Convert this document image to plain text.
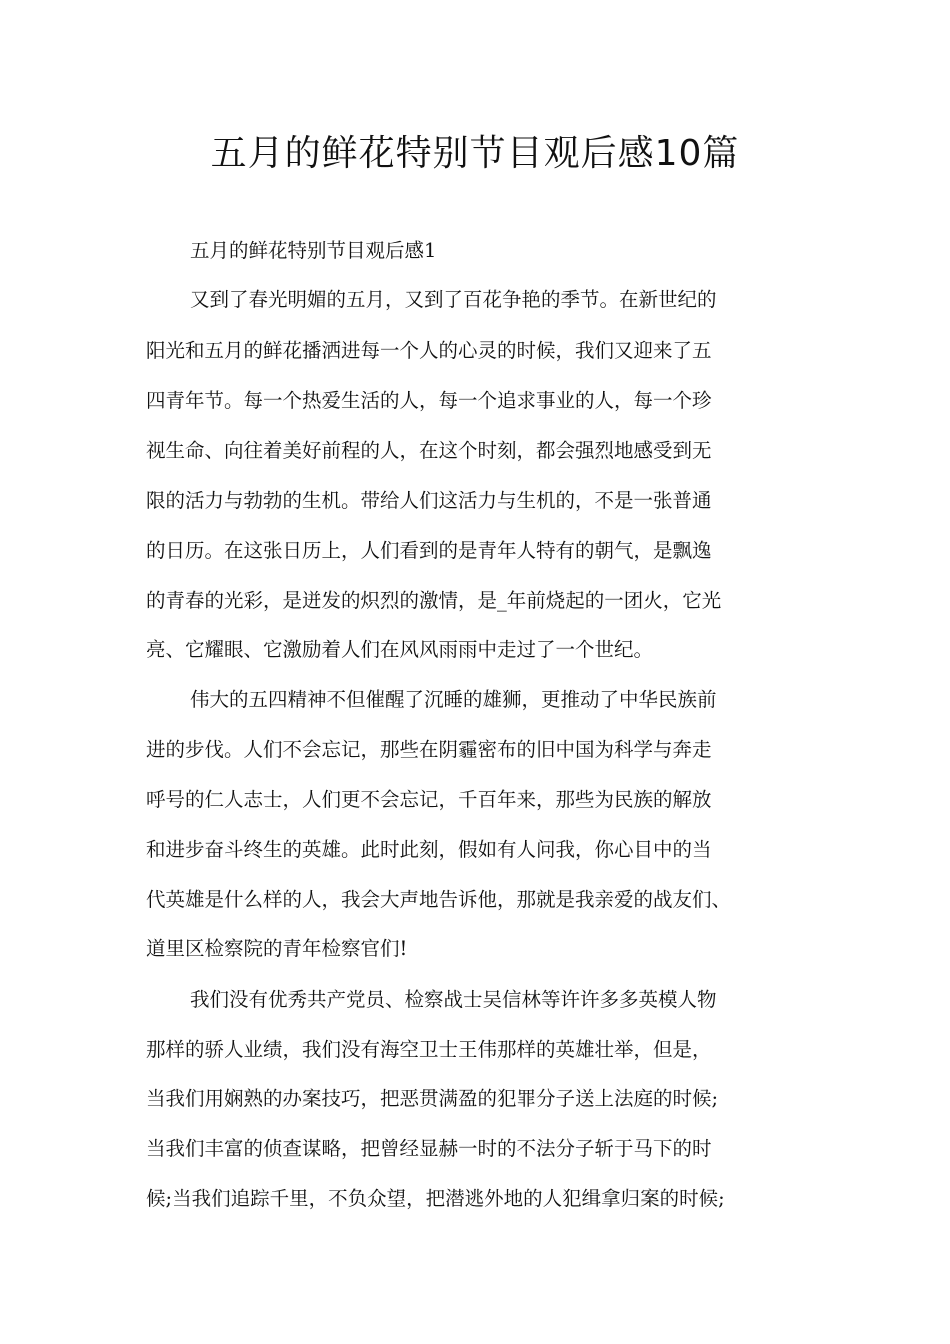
五月的鲜花特别节目观后感10篇

五月的鲜花特别节目观后感1

又到了春光明媚的五月，又到了百花争艳的季节。在新世纪的

阳光和五月的鲜花播洒进每一个人的心灵的时候，我们又迎来了五

四青年节。每一个热爱生活的人，每一个追求事业的人，每一个珍

视生命、向往着美好前程的人，在这个时刻，都会强烈地感受到无

限的活力与勃勃的生机。带给人们这活力与生机的，不是一张普通

的日历。在这张日历上，人们看到的是青年人特有的朝气，是飘逸

的青春的光彩，是迸发的炽烈的激情，是_年前烧起的一团火，它光

亮、它耀眼、它激励着人们在风风雨雨中走过了一个世纪。

伟大的五四精神不但催醒了沉睡的雄狮，更推动了中华民族前

进的步伐。人们不会忘记，那些在阴霾密布的旧中国为科学与奔走

呼号的仁人志士，人们更不会忘记，千百年来，那些为民族的解放

和进步奋斗终生的英雄。此时此刻，假如有人问我，你心目中的当

代英雄是什么样的人，我会大声地告诉他，那就是我亲爱的战友们、

道里区检察院的青年检察官们!

我们没有优秀共产党员、检察战士吴信林等许许多多英模人物

那样的骄人业绩，我们没有海空卫士王伟那样的英雄壮举，但是，

当我们用娴熟的办案技巧，把恶贯满盈的犯罪分子送上法庭的时候;

当我们丰富的侦查谋略，把曾经显赫一时的不法分子斩于马下的时

候;当我们追踪千里，不负众望，把潜逃外地的人犯缉拿归案的时候;
